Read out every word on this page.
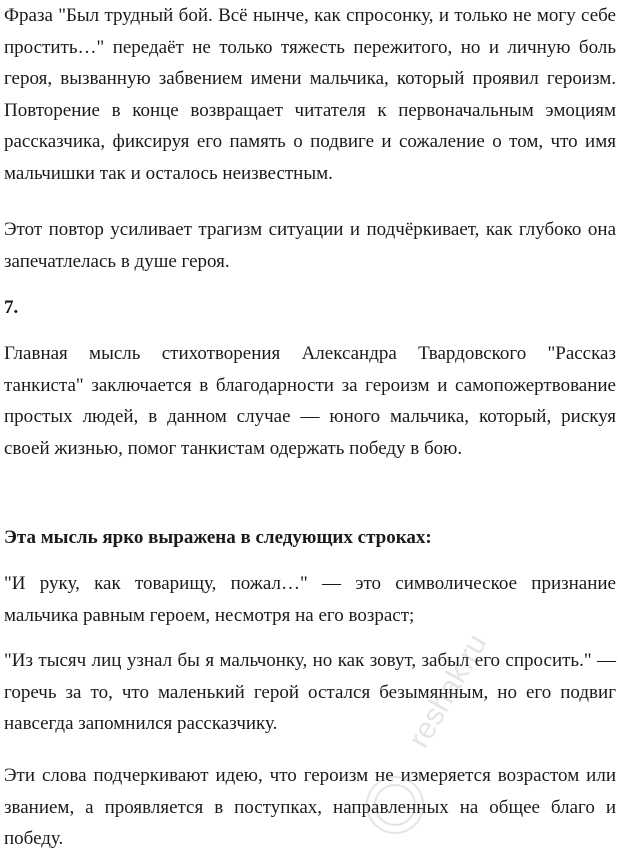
Фраза "Был трудный бой. Всё нынче, как спросонку, и только не могу себе простить…" передаёт не только тяжесть пережитого, но и личную боль героя, вызванную забвением имени мальчика, который проявил героизм. Повторение в конце возвращает читателя к первоначальным эмоциям рассказчика, фиксируя его память о подвиге и сожаление о том, что имя мальчишки так и осталось неизвестным.

Этот повтор усиливает трагизм ситуации и подчёркивает, как глубоко она запечатлелась в душе героя.

7.

Главная мысль стихотворения Александра Твардовского "Рассказ танкиста" заключается в благодарности за героизм и самопожертвование простых людей, в данном случае — юного мальчика, который, рискуя своей жизнью, помог танкистам одержать победу в бою.

Эта мысль ярко выражена в следующих строках:

"И руку, как товарищу, пожал…" — это символическое признание мальчика равным героем, несмотря на его возраст;

"Из тысяч лиц узнал бы я мальчонку, но как зовут, забыл его спросить." — горечь за то, что маленький герой остался безымянным, но его подвиг навсегда запомнился рассказчику.

Эти слова подчеркивают идею, что героизм не измеряется возрастом или званием, а проявляется в поступках, направленных на общее благо и победу.

reshak.ru
